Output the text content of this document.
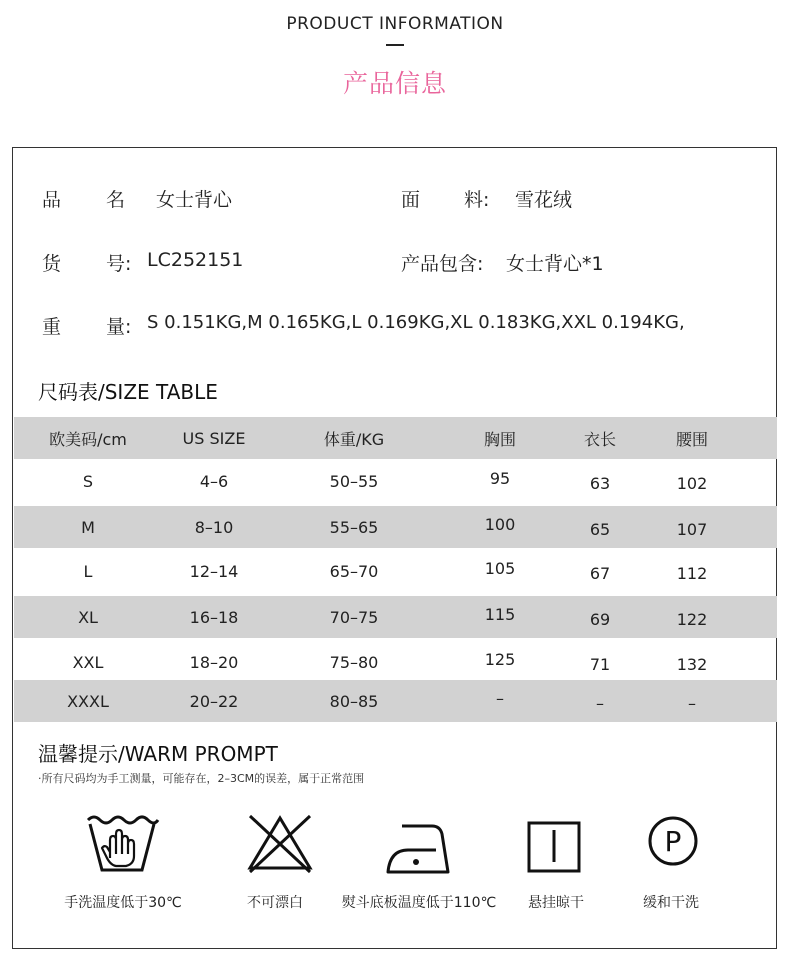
PRODUCT INFORMATION
产品信息
品 名 女士背心	面 料: 雪花绒
货 号: LC252151	产品包含: 女士背心*1
重 量: S 0.151KG,M 0.165KG,L 0.169KG,XL 0.183KG,XXL 0.194KG,
尺码表/SIZE TABLE
欧美码/cm	US SIZE	体重/KG	胸围	衣长	腰围
S	4–6	50–55	95	63	102
M	8–10	55–65	100	65	107
L	12–14	65–70	105	67	112
XL	16–18	70–75	115	69	122
XXL	18–20	75–80	125	71	132
XXXL	20–22	80–85	–	–	–
温馨提示/WARM PROMPT
·所有尺码均为手工测量，可能存在，2–3CM的误差，属于正常范围
P
手洗温度低于30℃	不可漂白	熨斗底板温度低于110℃	悬挂晾干	缓和干洗
